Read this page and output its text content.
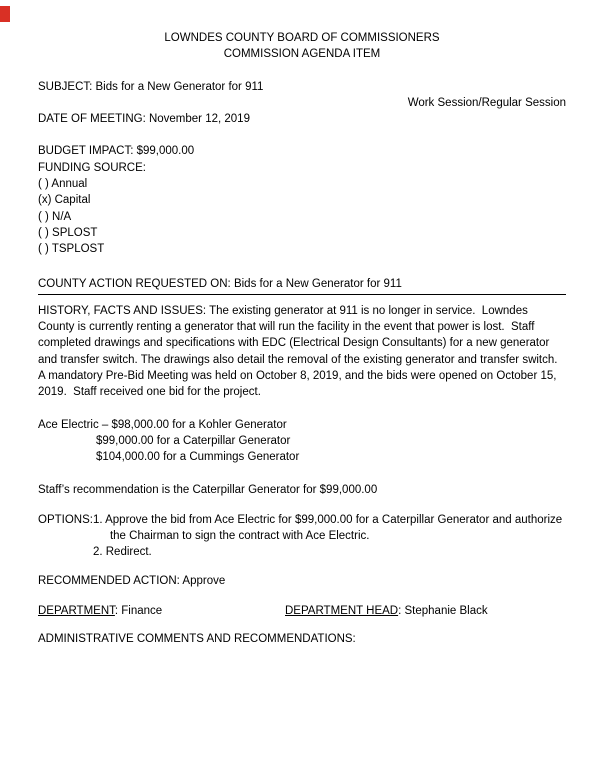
LOWNDES COUNTY BOARD OF COMMISSIONERS
COMMISSION AGENDA ITEM
SUBJECT: Bids for a New Generator for 911
Work Session/Regular Session
DATE OF MEETING: November 12, 2019
BUDGET IMPACT: $99,000.00
FUNDING SOURCE:
( ) Annual
(x) Capital
( ) N/A
( ) SPLOST
( ) TSPLOST
COUNTY ACTION REQUESTED ON: Bids for a New Generator for 911
HISTORY, FACTS AND ISSUES: The existing generator at 911 is no longer in service.  Lowndes County is currently renting a generator that will run the facility in the event that power is lost.  Staff completed drawings and specifications with EDC (Electrical Design Consultants) for a new generator and transfer switch. The drawings also detail the removal of the existing generator and transfer switch.   A mandatory Pre-Bid Meeting was held on October 8, 2019, and the bids were opened on October 15, 2019.  Staff received one bid for the project.
Ace Electric – $98,000.00 for a Kohler Generator
$99,000.00 for a Caterpillar Generator
$104,000.00 for a Cummings Generator
Staff’s recommendation is the Caterpillar Generator for $99,000.00
OPTIONS: 1. Approve the bid from Ace Electric for $99,000.00 for a Caterpillar Generator and authorize the Chairman to sign the contract with Ace Electric.
2. Redirect.
RECOMMENDED ACTION: Approve
DEPARTMENT: Finance	DEPARTMENT HEAD: Stephanie Black
ADMINISTRATIVE COMMENTS AND RECOMMENDATIONS:
